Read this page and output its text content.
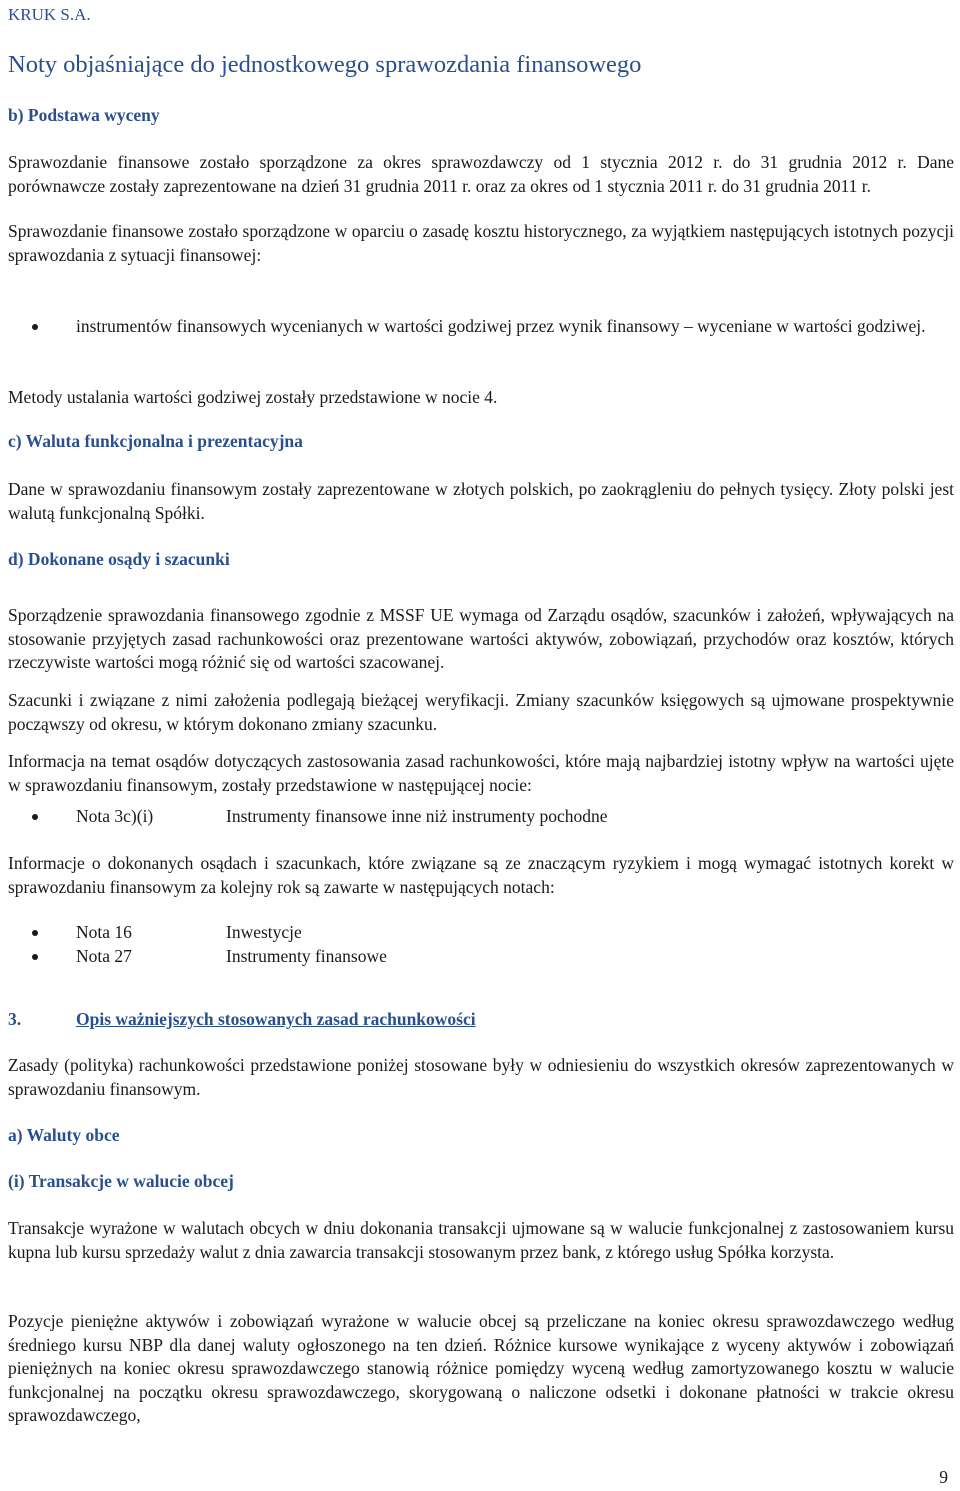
KRUK S.A.

Noty objaśniające do jednostkowego sprawozdania finansowego

b) Podstawa wyceny

Sprawozdanie finansowe zostało sporządzone za okres sprawozdawczy od 1 stycznia 2012 r. do 31 grudnia 2012 r. Dane porównawcze zostały zaprezentowane na dzień 31 grudnia 2011 r. oraz za okres od 1 stycznia 2011 r. do 31 grudnia 2011 r.

Sprawozdanie finansowe zostało sporządzone w oparciu o zasadę kosztu historycznego, za wyjątkiem następujących istotnych pozycji sprawozdania z sytuacji finansowej:

instrumentów finansowych wycenianych w wartości godziwej przez wynik finansowy – wyceniane w wartości godziwej.

Metody ustalania wartości godziwej zostały przedstawione w nocie 4.

c) Waluta funkcjonalna i prezentacyjna

Dane w sprawozdaniu finansowym zostały zaprezentowane w złotych polskich, po zaokrągleniu do pełnych tysięcy. Złoty polski jest walutą funkcjonalną Spółki.

d) Dokonane osądy i szacunki

Sporządzenie sprawozdania finansowego zgodnie z MSSF UE wymaga od Zarządu osądów, szacunków i założeń, wpływających na stosowanie przyjętych zasad rachunkowości oraz prezentowane wartości aktywów, zobowiązań, przychodów oraz kosztów, których rzeczywiste wartości mogą różnić się od wartości szacowanej.

Szacunki i związane z nimi założenia podlegają bieżącej weryfikacji. Zmiany szacunków księgowych są ujmowane prospektywnie począwszy od okresu, w którym dokonano zmiany szacunku.

Informacja na temat osądów dotyczących zastosowania zasad rachunkowości, które mają najbardziej istotny wpływ na wartości ujęte w sprawozdaniu finansowym, zostały przedstawione w następującej nocie:

Nota 3c)(i)	Instrumenty finansowe inne niż instrumenty pochodne

Informacje o dokonanych osądach i szacunkach, które związane są ze znaczącym ryzykiem i mogą wymagać istotnych korekt w sprawozdaniu finansowym za kolejny rok są zawarte w następujących notach:

Nota 16	Inwestycje
Nota 27	Instrumenty finansowe

3.	Opis ważniejszych stosowanych zasad rachunkowości

Zasady (polityka) rachunkowości przedstawione poniżej stosowane były w odniesieniu do wszystkich okresów zaprezentowanych w sprawozdaniu finansowym.

a) Waluty obce

(i) Transakcje w walucie obcej

Transakcje wyrażone w walutach obcych w dniu dokonania transakcji ujmowane są w walucie funkcjonalnej z zastosowaniem kursu kupna lub kursu sprzedaży walut z dnia zawarcia transakcji stosowanym przez bank, z którego usług Spółka korzysta.

Pozycje pieniężne aktywów i zobowiązań wyrażone w walucie obcej są przeliczane na koniec okresu sprawozdawczego według średniego kursu NBP dla danej waluty ogłoszonego na ten dzień. Różnice kursowe wynikające z wyceny aktywów i zobowiązań pieniężnych na koniec okresu sprawozdawczego stanowią różnice pomiędzy wyceną według zamortyzowanego kosztu w walucie funkcjonalnej na początku okresu sprawozdawczego, skorygowaną o naliczone odsetki i dokonane płatności w trakcie okresu sprawozdawczego,

9
